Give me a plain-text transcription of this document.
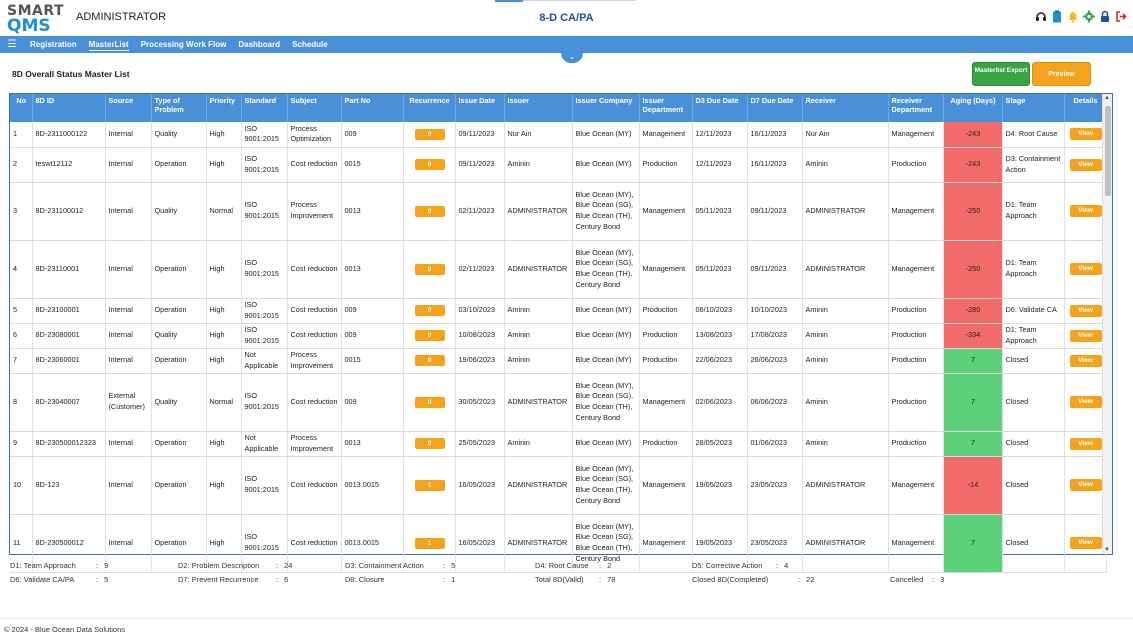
SMART
QMS ADMINISTRATOR	8-D CA/PA
☰	Registration	MasterList	Processing Work Flow	Dashboard	Schedule
⌄
8D Overall Status Master List	Masterlist Export
Preview
No	8D ID	Source	Type of Problem	Priority	Standard	Subject	Part No	Recurrence	Issue Date	Issuer	Issuer Company	Issuer Department	D3 Due Date	D7 Due Date	Receiver	Receiver Department	Aging (Days)	Stage	Details
1	8D-2311000122	Internal	Quality	High	ISO 9001:2015	Process Optimization	009	0	09/11/2023	Nur Ain	Blue Ocean (MY)	Management	12/11/2023	16/11/2023	Nur Ain	Management	-243	D4: Root Cause	View
2	teswt12112	Internal	Operation	High	ISO 9001:2015	Cost reduction	0015	0	09/11/2023	Aminin	Blue Ocean (MY)	Production	12/11/2023	16/11/2023	Aminin	Production	-243	D3: Containment Action	View
3	8D-231100012	Internal	Quality	Normal	ISO 9001:2015	Process Improvement	0013	0	02/11/2023	ADMINISTRATOR	Blue Ocean (MY), Blue Ocean (SG), Blue Ocean (TH), Century Bond	Management	05/11/2023	09/11/2023	ADMINISTRATOR	Management	-250	D1: Team Approach	View
4	8D-23110001	Internal	Operation	High	ISO 9001:2015	Cost reduction	0013	0	02/11/2023	ADMINISTRATOR	Blue Ocean (MY), Blue Ocean (SG), Blue Ocean (TH), Century Bond	Management	05/11/2023	09/11/2023	ADMINISTRATOR	Management	-250	D1: Team Approach	View
5	8D-23100001	Internal	Operation	High	ISO 9001:2015	Cost reduction	009	0	03/10/2023	Aminin	Blue Ocean (MY)	Production	06/10/2023	10/10/2023	Aminin	Production	-280	D6: Validate CA	View
6	8D-23080001	Internal	Quality	High	ISO 9001:2015	Cost reduction	009	0	10/08/2023	Aminin	Blue Ocean (MY)	Production	13/08/2023	17/08/2023	Aminin	Production	-334	D1: Team Approach	View
7	8D-23060001	Internal	Operation	High	Not Applicable	Process Improvement	0015	0	19/06/2023	Aminin	Blue Ocean (MY)	Production	22/06/2023	26/06/2023	Aminin	Production	7	Closed	View
8	8D-23040007	External (Customer)	Quality	Normal	ISO 9001:2015	Cost reduction	009	0	30/05/2023	ADMINISTRATOR	Blue Ocean (MY), Blue Ocean (SG), Blue Ocean (TH), Century Bond	Management	02/06/2023	06/06/2023	Aminin	Production	7	Closed	View
9	8D-230500012323	Internal	Operation	High	Not Applicable	Process Improvement	0013	0	25/05/2023	Aminin	Blue Ocean (MY)	Production	28/05/2023	01/06/2023	Aminin	Production	7	Closed	View
10	8D-123	Internal	Operation	High	ISO 9001:2015	Cost reduction	0013.0015	1	16/05/2023	ADMINISTRATOR	Blue Ocean (MY), Blue Ocean (SG), Blue Ocean (TH), Century Bond	Management	19/05/2023	23/05/2023	ADMINISTRATOR	Management	-14	Closed	View
11	8D-230500012	Internal	Operation	High	ISO 9001:2015	Cost reduction	0013.0015	1	16/05/2023	ADMINISTRATOR	Blue Ocean (MY), Blue Ocean (SG), Blue Ocean (TH), Century Bond	Management	19/05/2023	23/05/2023	ADMINISTRATOR	Management	7	Closed	View
▲
▼
D1: Team Approach	: 9	D2: Problem Description : 24	D3: Containment Action	: 5	D4: Root Cause : 2	D5: Corrective Action : 4
D6: Validate CA/PA	: 5	D7: Prevent Recurrence : 6	D8: Closure	: 1	Total 8D(Valid) : 78	Closed 8D(Completed)	: 22	Cancelled : 3
© 2024 - Blue Ocean Data Solutions
